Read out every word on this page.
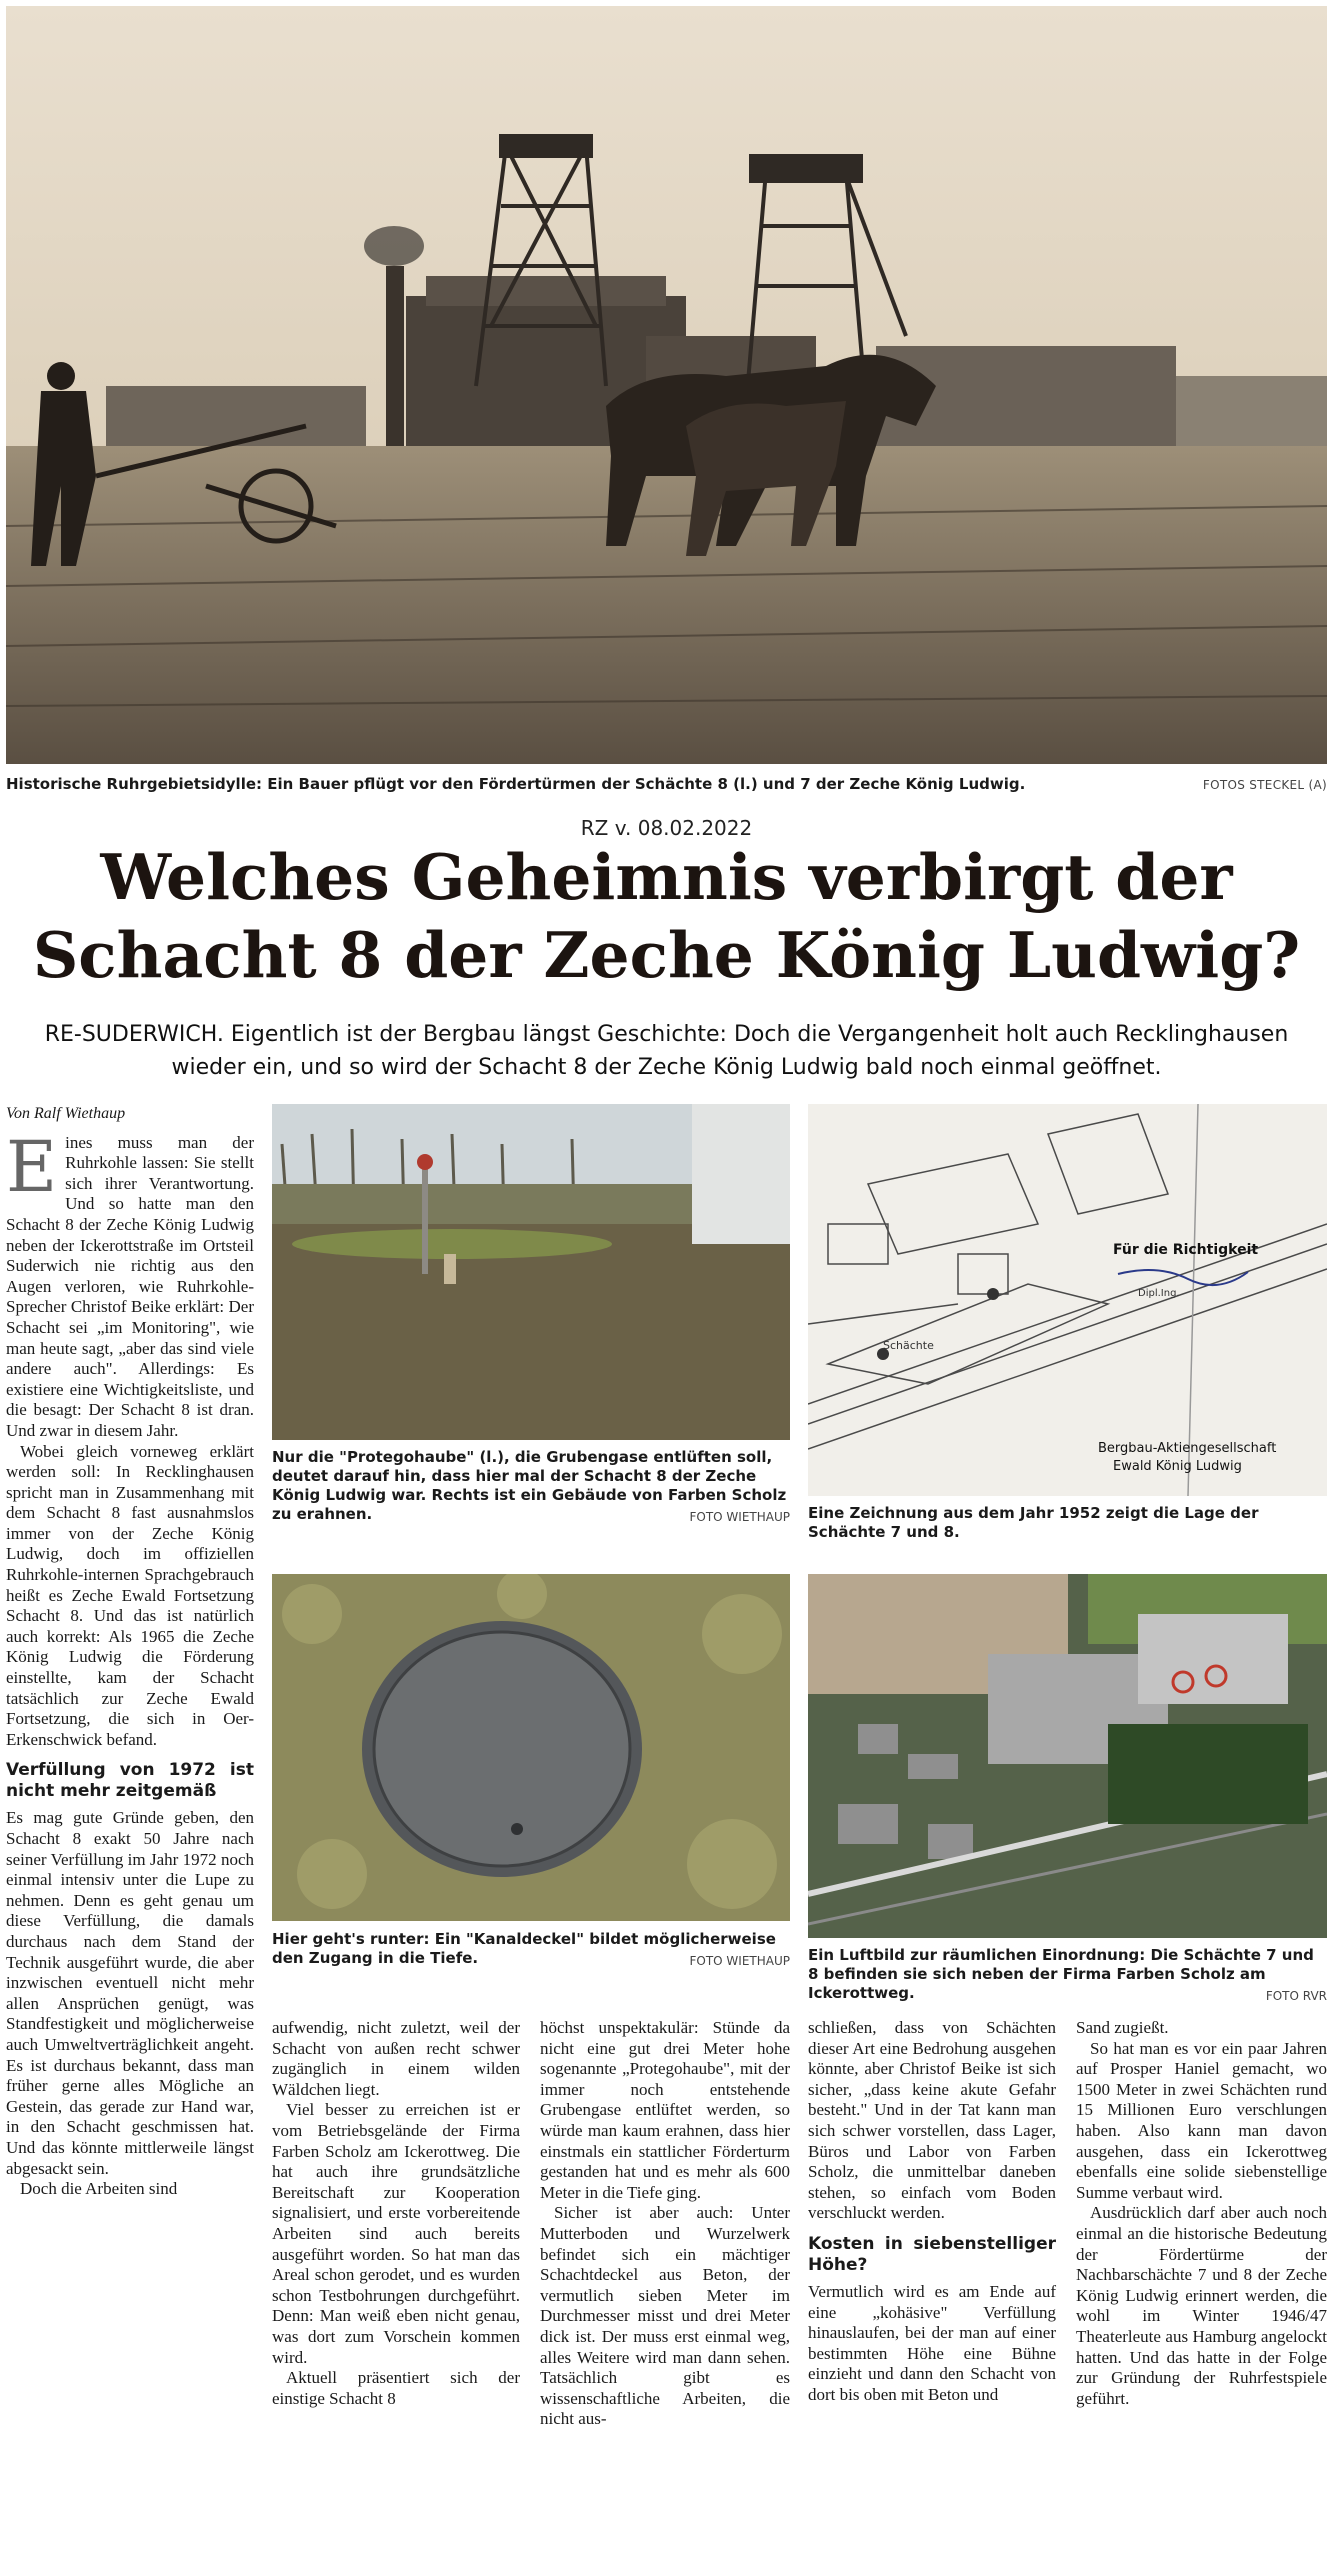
Historische Ruhrgebietsidylle: Ein Bauer pflügt vor den Fördertürmen der Schächte 8 (l.) und 7 der Zeche König Ludwig.	FOTOS STECKEL (A)
RZ v. 08.02.2022
Welches Geheimnis verbirgt der
Schacht 8 der Zeche König Ludwig?
RE-SUDERWICH. Eigentlich ist der Bergbau längst Geschichte: Doch die Vergangenheit holt auch Recklinghausen wieder ein, und so wird der Schacht 8 der Zeche König Ludwig bald noch einmal geöffnet.
Von Ralf Wiethaup

Eines muss man der Ruhrkohle lassen: Sie stellt sich ihrer Verantwortung. Und so hatte man den Schacht 8 der Zeche König Ludwig neben der Ickerottstraße im Ortsteil Suderwich nie richtig aus den Augen verloren, wie Ruhrkohle-Sprecher Christof Beike erklärt: Der Schacht sei „im Monitoring", wie man heute sagt, „aber das sind viele andere auch". Allerdings: Es existiere eine Wichtigkeitsliste, und die besagt: Der Schacht 8 ist dran. Und zwar in diesem Jahr.

Wobei gleich vorneweg erklärt werden soll: In Recklinghausen spricht man in Zusammenhang mit dem Schacht 8 fast ausnahmslos immer von der Zeche König Ludwig, doch im offiziellen Ruhrkohle-internen Sprachgebrauch heißt es Zeche Ewald Fortsetzung Schacht 8. Und das ist natürlich auch korrekt: Als 1965 die Zeche König Ludwig die Förderung einstellte, kam der Schacht tatsächlich zur Zeche Ewald Fortsetzung, die sich in Oer-Erkenschwick befand.

Verfüllung von 1972 ist nicht mehr zeitgemäß

Es mag gute Gründe geben, den Schacht 8 exakt 50 Jahre nach seiner Verfüllung im Jahr 1972 noch einmal intensiv unter die Lupe zu nehmen. Denn es geht genau um diese Verfüllung, die damals durchaus nach dem Stand der Technik ausgeführt wurde, die aber inzwischen eventuell nicht mehr allen Ansprüchen genügt, was Standfestigkeit und möglicherweise auch Umweltverträglichkeit angeht. Es ist durchaus bekannt, dass man früher gerne alles Mögliche an Gestein, das gerade zur Hand war, in den Schacht geschmissen hat. Und das könnte mittlerweile längst abgesackt sein.

Doch die Arbeiten sind

Nur die "Protegohaube" (l.), die Grubengase entlüften soll, deutet darauf hin, dass hier mal der Schacht 8 der Zeche König Ludwig war. Rechts ist ein Gebäude von Farben Scholz zu erahnen.	FOTO WIETHAUP
Schächte
Für die Richtigkeit
Dipl.Ing.
Bergbau-Aktiengesellschaft
Ewald König Ludwig
Eine Zeichnung aus dem Jahr 1952 zeigt die Lage der Schächte 7 und 8.
Hier geht's runter: Ein "Kanaldeckel" bildet möglicherweise den Zugang in die Tiefe.	FOTO WIETHAUP Ein Luftbild zur räumlichen Einordnung: Die Schächte 7 und 8 befinden sie sich neben der Firma Farben Scholz am Ickerottweg.	FOTO RVR

aufwendig, nicht zuletzt, weil der Schacht von außen recht schwer zugänglich in einem wilden Wäldchen liegt.

Viel besser zu erreichen ist er vom Betriebsgelände der Firma Farben Scholz am Ickerottweg. Die hat auch ihre grundsätzliche Bereitschaft zur Kooperation signalisiert, und erste vorbereitende Arbeiten sind auch bereits ausgeführt worden. So hat man das Areal schon gerodet, und es wurden schon Testbohrungen durchgeführt. Denn: Man weiß eben nicht genau, was dort zum Vorschein kommen wird.

Aktuell präsentiert sich der einstige Schacht 8

höchst unspektakulär: Stünde da nicht eine gut drei Meter hohe sogenannte „Protegohaube", mit der immer noch entstehende Grubengase entlüftet werden, so würde man kaum erahnen, dass hier einstmals ein stattlicher Förderturm gestanden hat und es mehr als 600 Meter in die Tiefe ging.

Sicher ist aber auch: Unter Mutterboden und Wurzelwerk befindet sich ein mächtiger Schachtdeckel aus Beton, der vermutlich sieben Meter im Durchmesser misst und drei Meter dick ist. Der muss erst einmal weg, alles Weitere wird man dann sehen. Tatsächlich gibt es wissenschaftliche Arbeiten, die nicht aus-

schließen, dass von Schächten dieser Art eine Bedrohung ausgehen könnte, aber Christof Beike ist sich sicher, „dass keine akute Gefahr besteht." Und in der Tat kann man sich schwer vorstellen, dass Lager, Büros und Labor von Farben Scholz, die unmittelbar daneben stehen, so einfach vom Boden verschluckt werden.

Kosten in siebenstelliger Höhe?

Vermutlich wird es am Ende auf eine „kohäsive" Verfüllung hinauslaufen, bei der man auf einer bestimmten Höhe eine Bühne einzieht und dann den Schacht von dort bis oben mit Beton und

Sand zugießt.

So hat man es vor ein paar Jahren auf Prosper Haniel gemacht, wo 1500 Meter in zwei Schächten rund 15 Millionen Euro verschlungen haben. Also kann man davon ausgehen, dass ein Ickerottweg ebenfalls eine solide siebenstellige Summe verbaut wird.

Ausdrücklich darf aber auch noch einmal an die historische Bedeutung der Fördertürme der Nachbarschächte 7 und 8 der Zeche König Ludwig erinnert werden, die wohl im Winter 1946/47 Theaterleute aus Hamburg angelockt hatten. Und das hatte in der Folge zur Gründung der Ruhrfestspiele geführt.
